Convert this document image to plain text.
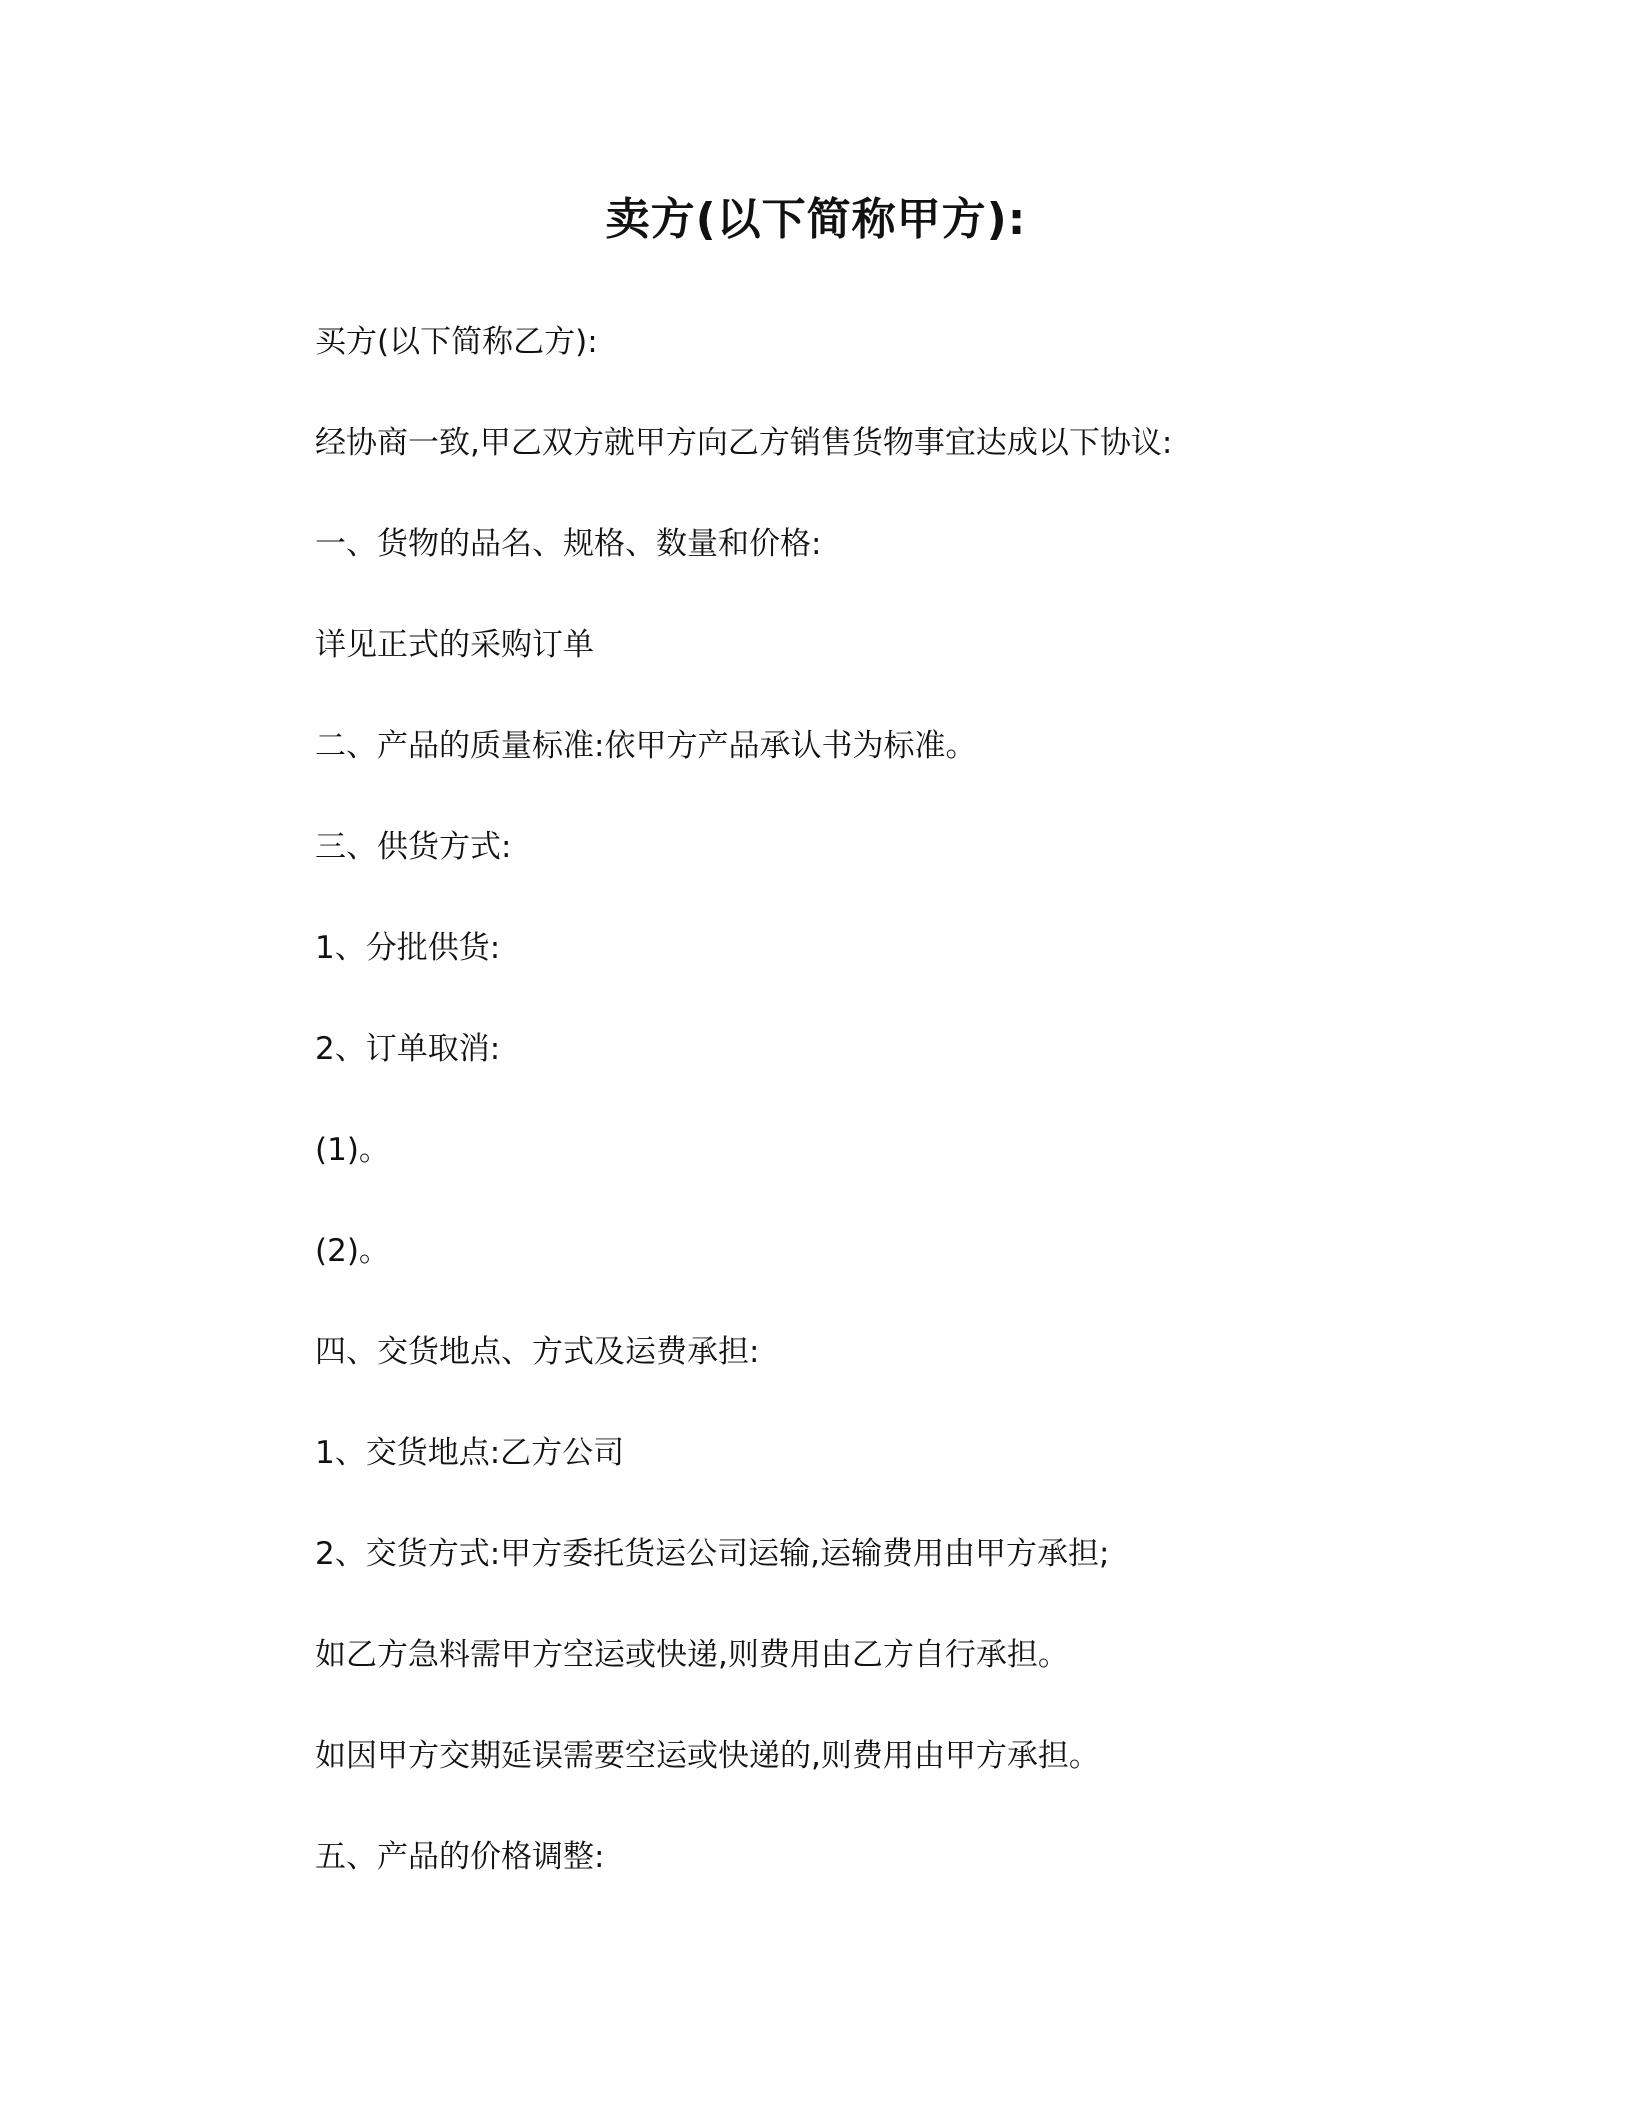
卖方(以下简称甲方):
买方(以下简称乙方):
经协商一致,甲乙双方就甲方向乙方销售货物事宜达成以下协议:
一、货物的品名、规格、数量和价格:
详见正式的采购订单
二、产品的质量标准:依甲方产品承认书为标准。
三、供货方式:
1、分批供货:
2、订单取消:
(1)。
(2)。
四、交货地点、方式及运费承担:
1、交货地点:乙方公司
2、交货方式:甲方委托货运公司运输,运输费用由甲方承担;
如乙方急料需甲方空运或快递,则费用由乙方自行承担。
如因甲方交期延误需要空运或快递的,则费用由甲方承担。
五、产品的价格调整:
